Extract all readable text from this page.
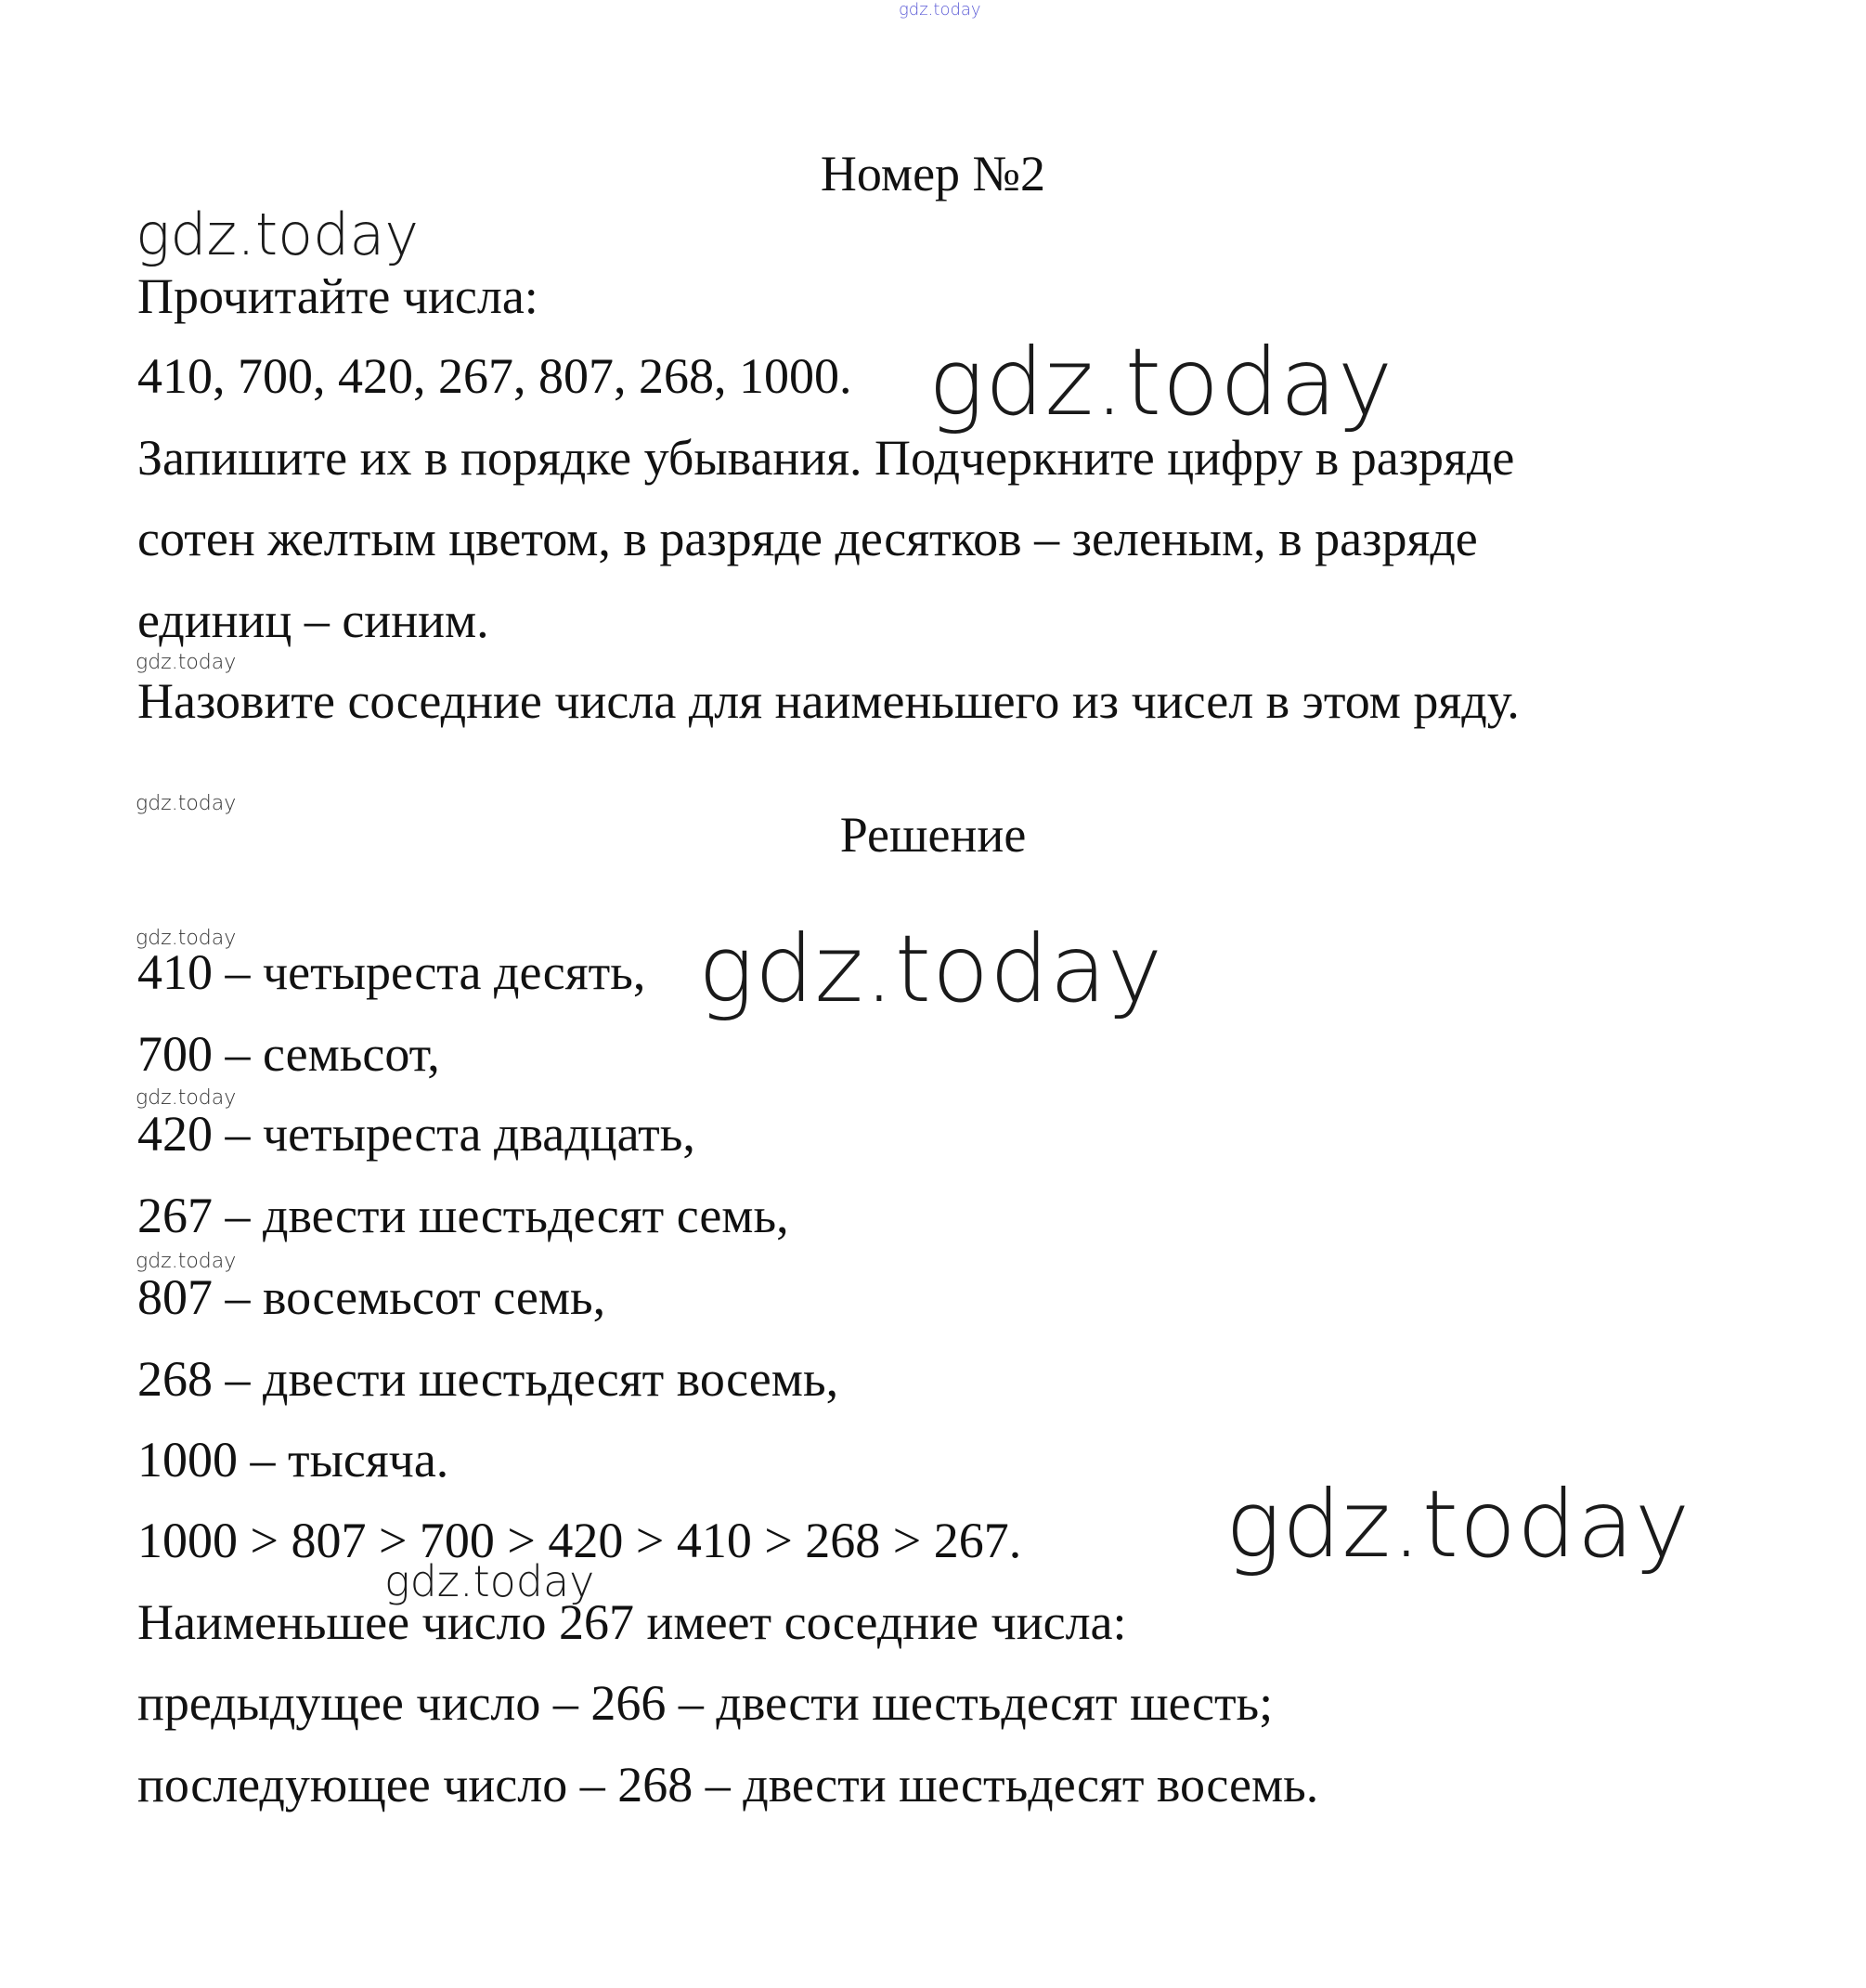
gdz.today
Номер №2
gdz.today
Прочитайте числа:
410, 700, 420, 267, 807, 268, 1000. gdz.today
Запишите их в порядке убывания. Подчеркните цифру в разряде
сотен желтым цветом, в разряде десятков – зеленым, в разряде
единиц – синим.
gdz.today
Назовите соседние числа для наименьшего из чисел в этом ряду.
gdz.today
Решение
gdz.today
410 – четыреста десять, gdz.today
700 – семьсот,
gdz.today
420 – четыреста двадцать,
267 – двести шестьдесят семь,
gdz.today
807 – восемьсот семь,
268 – двести шестьдесят восемь,
1000 – тысяча.
1000 > 807 > 700 > 420 > 410 > 268 > 267. gdz.today
gdz.today
Наименьшее число 267 имеет соседние числа:
предыдущее число – 266 – двести шестьдесят шесть;
последующее число – 268 – двести шестьдесят восемь.
